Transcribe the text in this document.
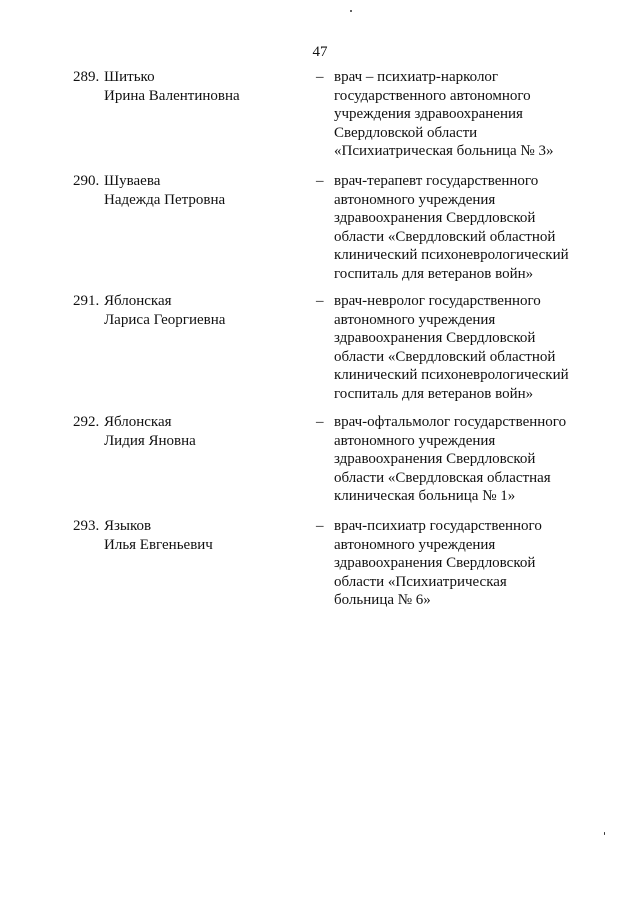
47
289. Шитько
Ирина Валентиновна
– врач – психиатр-нарколог
государственного автономного
учреждения здравоохранения
Свердловской области
«Психиатрическая больница № 3»
290. Шуваева
Надежда Петровна
– врач-терапевт государственного
автономного учреждения
здравоохранения Свердловской
области «Свердловский областной
клинический психоневрологический
госпиталь для ветеранов войн»
291. Яблонская
Лариса Георгиевна
– врач-невролог государственного
автономного учреждения
здравоохранения Свердловской
области «Свердловский областной
клинический психоневрологический
госпиталь для ветеранов войн»
292. Яблонская
Лидия Яновна
– врач-офтальмолог государственного
автономного учреждения
здравоохранения Свердловской
области «Свердловская областная
клиническая больница № 1»
293. Языков
Илья Евгеньевич
– врач-психиатр государственного
автономного учреждения
здравоохранения Свердловской
области «Психиатрическая
больница № 6»
